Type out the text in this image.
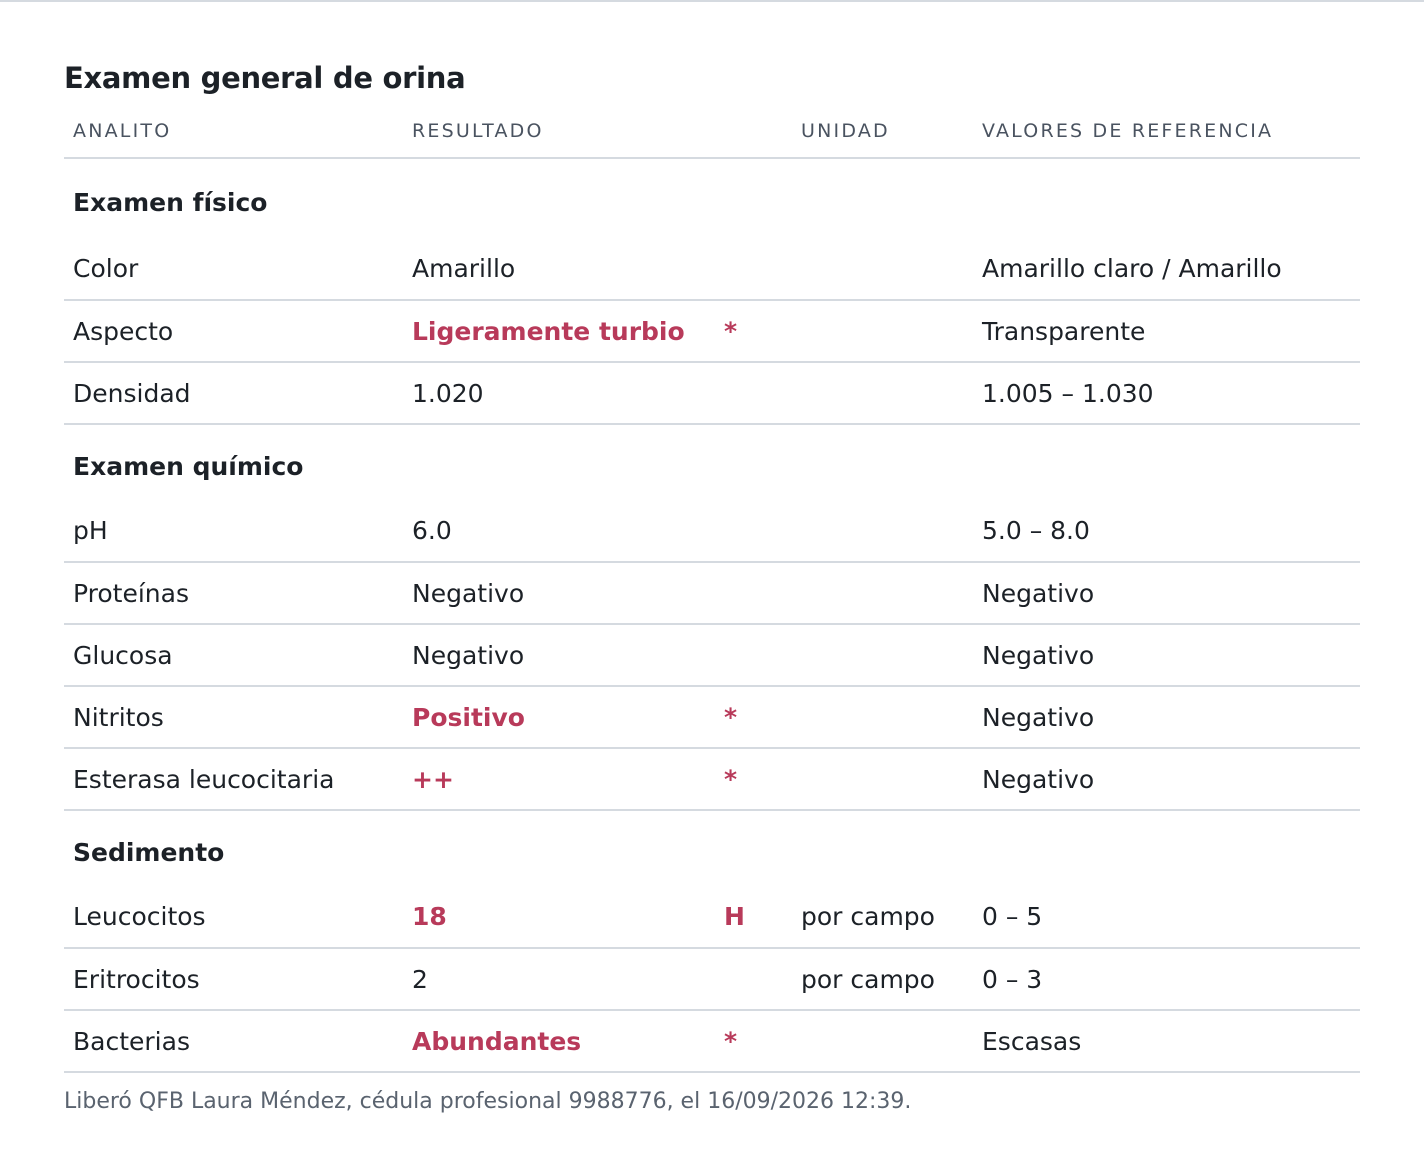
Examen general de orina
ANALITO	RESULTADO		UNIDAD	VALORES DE REFERENCIA
Examen físico				
Color	Amarillo			Amarillo claro / Amarillo
Aspecto	Ligeramente turbio	*		Transparente
Densidad	1.020			1.005 – 1.030
Examen químico				
pH	6.0			5.0 – 8.0
Proteínas	Negativo			Negativo
Glucosa	Negativo			Negativo
Nitritos	Positivo	*		Negativo
Esterasa leucocitaria	++	*		Negativo
Sedimento				
Leucocitos	18	H	por campo	0 – 5
Eritrocitos	2		por campo	0 – 3
Bacterias	Abundantes	*		Escasas
Liberó QFB Laura Méndez, cédula profesional 9988776, el 16/09/2026 12:39.
